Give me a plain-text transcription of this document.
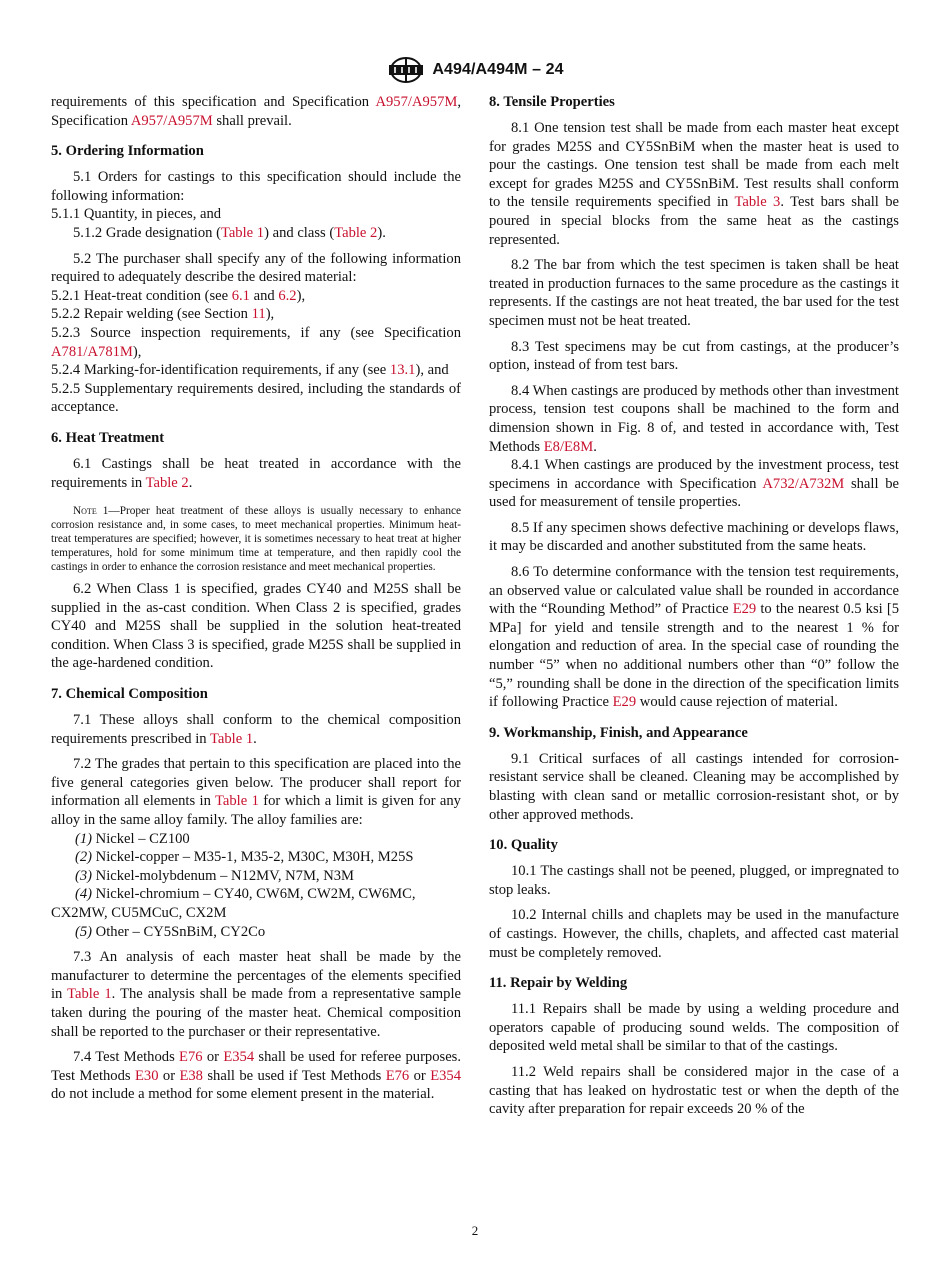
A494/A494M – 24

requirements of this specification and Specification A957/A957M, Specification A957/A957M shall prevail.

5. Ordering Information

5.1 Orders for castings to this specification should include the following information:

5.1.1 Quantity, in pieces, and

5.1.2 Grade designation (Table 1) and class (Table 2).

5.2 The purchaser shall specify any of the following information required to adequately describe the desired material:

5.2.1 Heat-treat condition (see 6.1 and 6.2),

5.2.2 Repair welding (see Section 11),

5.2.3 Source inspection requirements, if any (see Specification A781/A781M),

5.2.4 Marking-for-identification requirements, if any (see 13.1), and

5.2.5 Supplementary requirements desired, including the standards of acceptance.

6. Heat Treatment

6.1 Castings shall be heat treated in accordance with the requirements in Table 2.

Note 1—Proper heat treatment of these alloys is usually necessary to enhance corrosion resistance and, in some cases, to meet mechanical properties. Minimum heat-treat temperatures are specified; however, it is sometimes necessary to heat treat at higher temperatures, hold for some minimum time at temperature, and then rapidly cool the castings in order to enhance the corrosion resistance and meet mechanical properties.

6.2 When Class 1 is specified, grades CY40 and M25S shall be supplied in the as-cast condition. When Class 2 is specified, grades CY40 and M25S shall be supplied in the solution heat-treated condition. When Class 3 is specified, grade M25S shall be supplied in the age-hardened condition.

7. Chemical Composition

7.1 These alloys shall conform to the chemical composition requirements prescribed in Table 1.

7.2 The grades that pertain to this specification are placed into the five general categories given below. The producer shall report for information all elements in Table 1 for which a limit is given for any alloy in the same alloy family. The alloy families are:

(1) Nickel – CZ100

(2) Nickel-copper – M35-1, M35-2, M30C, M30H, M25S

(3) Nickel-molybdenum – N12MV, N7M, N3M

(4) Nickel-chromium – CY40, CW6M, CW2M, CW6MC, CX2MW, CU5MCuC, CX2M

(5) Other – CY5SnBiM, CY2Co

7.3 An analysis of each master heat shall be made by the manufacturer to determine the percentages of the elements specified in Table 1. The analysis shall be made from a representative sample taken during the pouring of the master heat. Chemical composition shall be reported to the purchaser or their representative.

7.4 Test Methods E76 or E354 shall be used for referee purposes. Test Methods E30 or E38 shall be used if Test Methods E76 or E354 do not include a method for some element present in the material.

8. Tensile Properties

8.1 One tension test shall be made from each master heat except for grades M25S and CY5SnBiM when the master heat is used to pour the castings. One tension test shall be made from each melt except for grades M25S and CY5SnBiM. Test results shall conform to the tensile requirements specified in Table 3. Test bars shall be poured in special blocks from the same heat as the castings represented.

8.2 The bar from which the test specimen is taken shall be heat treated in production furnaces to the same procedure as the castings it represents. If the castings are not heat treated, the bar used for the test specimen must not be heat treated.

8.3 Test specimens may be cut from castings, at the producer’s option, instead of from test bars.

8.4 When castings are produced by methods other than investment process, tension test coupons shall be machined to the form and dimension shown in Fig. 8 of, and tested in accordance with, Test Methods E8/E8M.

8.4.1 When castings are produced by the investment process, test specimens in accordance with Specification A732/A732M shall be used for measurement of tensile properties.

8.5 If any specimen shows defective machining or develops flaws, it may be discarded and another substituted from the same heats.

8.6 To determine conformance with the tension test requirements, an observed value or calculated value shall be rounded in accordance with the “Rounding Method” of Practice E29 to the nearest 0.5 ksi [5 MPa] for yield and tensile strength and to the nearest 1 % for elongation and reduction of area. In the special case of rounding the number “5” when no additional numbers other than “0” follow the “5,” rounding shall be done in the direction of the specification limits if following Practice E29 would cause rejection of material.

9. Workmanship, Finish, and Appearance

9.1 Critical surfaces of all castings intended for corrosion-resistant service shall be cleaned. Cleaning may be accomplished by blasting with clean sand or metallic corrosion-resistant shot, or by other approved methods.

10. Quality

10.1 The castings shall not be peened, plugged, or impregnated to stop leaks.

10.2 Internal chills and chaplets may be used in the manufacture of castings. However, the chills, chaplets, and affected cast material must be completely removed.

11. Repair by Welding

11.1 Repairs shall be made by using a welding procedure and operators capable of producing sound welds. The composition of deposited weld metal shall be similar to that of the castings.

11.2 Weld repairs shall be considered major in the case of a casting that has leaked on hydrostatic test or when the depth of the cavity after preparation for repair exceeds 20 % of the

2
